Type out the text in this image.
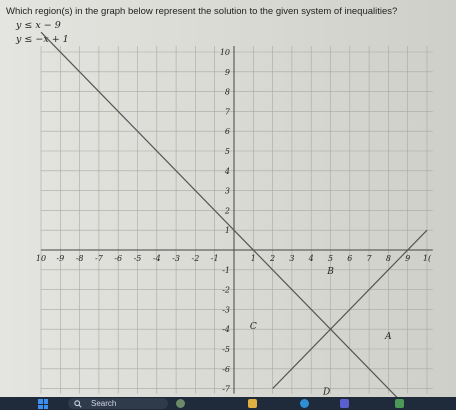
Which region(s) in the graph below represent the solution to the given system of inequalities?
y ≤ x − 9
y ≤ −x + 1
10 -9 -8 -7 -6 -5 -4 -3 -2 -1	1 2 3 4 5 6 7 8 9 1(
10
9
8
7
6
5
4
3
2
1
-1
-2
-3
-4
-5
-6
-7
B
C
A
D
Search
